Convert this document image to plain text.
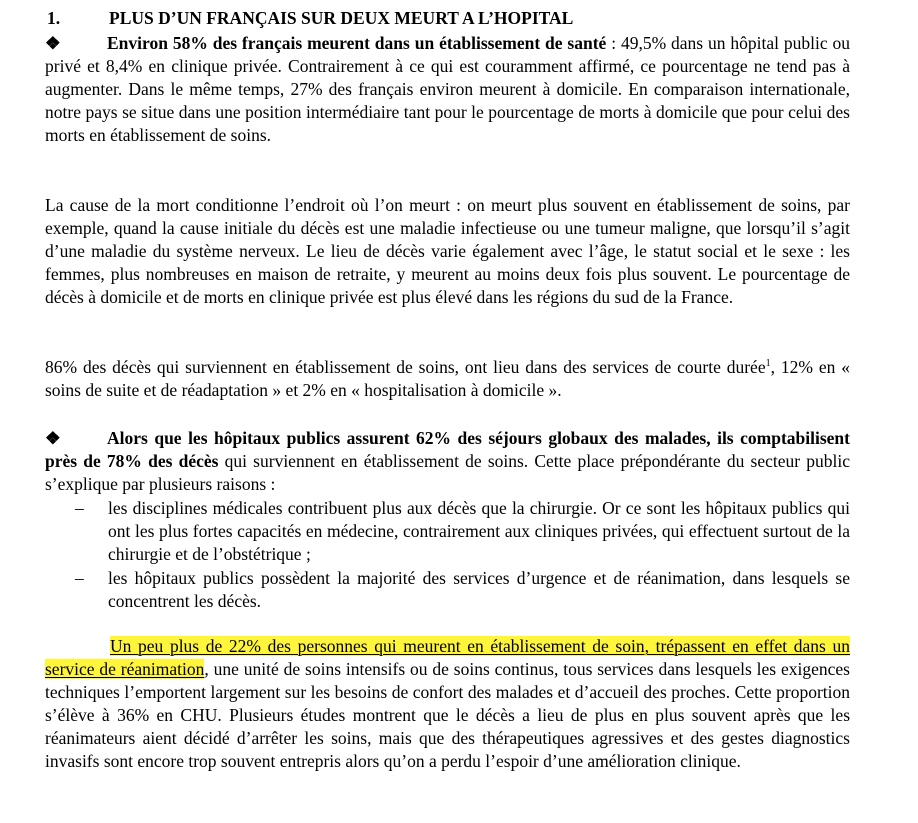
1.	PLUS D’UN FRANÇAIS SUR DEUX MEURT A L’HOPITAL

❖	Environ 58% des français meurent dans un établissement de santé : 49,5% dans un hôpital public ou privé et 8,4% en clinique privée. Contrairement à ce qui est couramment affirmé, ce pourcentage ne tend pas à augmenter. Dans le même temps, 27% des français environ meurent à domicile. En comparaison internationale, notre pays se situe dans une position intermédiaire tant pour le pourcentage de morts à domicile que pour celui des morts en établissement de soins.

La cause de la mort conditionne l’endroit où l’on meurt : on meurt plus souvent en établissement de soins, par exemple, quand la cause initiale du décès est une maladie infectieuse ou une tumeur maligne, que lorsqu’il s’agit d’une maladie du système nerveux. Le lieu de décès varie également avec l’âge, le statut social et le sexe : les femmes, plus nombreuses en maison de retraite, y meurent au moins deux fois plus souvent. Le pourcentage de décès à domicile et de morts en clinique privée est plus élevé dans les régions du sud de la France.

86% des décès qui surviennent en établissement de soins, ont lieu dans des services de courte durée$^1$, 12% en « soins de suite et de réadaptation » et 2% en « hospitalisation à domicile ».

❖	Alors que les hôpitaux publics assurent 62% des séjours globaux des malades, ils comptabilisent près de 78% des décès qui surviennent en établissement de soins. Cette place prépondérante du secteur public s’explique par plusieurs raisons :

– les disciplines médicales contribuent plus aux décès que la chirurgie. Or ce sont les hôpitaux publics qui ont les plus fortes capacités en médecine, contrairement aux cliniques privées, qui effectuent surtout de la chirurgie et de l’obstétrique ;
– les hôpitaux publics possèdent la majorité des services d’urgence et de réanimation, dans lesquels se concentrent les décès.

Un peu plus de 22% des personnes qui meurent en établissement de soin, trépassent en effet dans un service de réanimation, une unité de soins intensifs ou de soins continus, tous services dans lesquels les exigences techniques l’emportent largement sur les besoins de confort des malades et d’accueil des proches. Cette proportion s’élève à 36% en CHU. Plusieurs études montrent que le décès a lieu de plus en plus souvent après que les réanimateurs aient décidé d’arrêter les soins, mais que des thérapeutiques agressives et des gestes diagnostics invasifs sont encore trop souvent entrepris alors qu’on a perdu l’espoir d’une amélioration clinique.
